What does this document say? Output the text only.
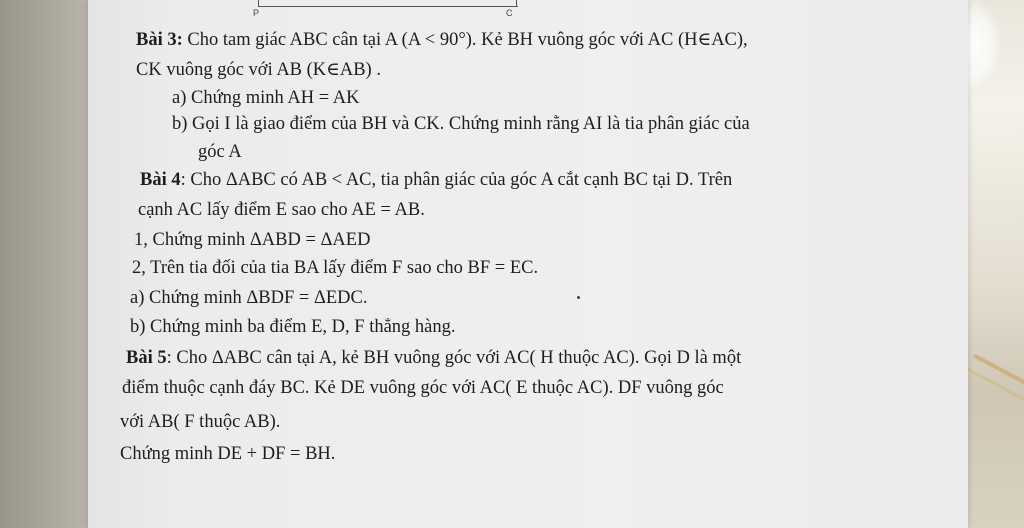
P	C
Bài 3: Cho tam giác ABC cân tại A (A < 90°). Kẻ BH vuông góc với AC (H∈AC),
CK vuông góc với AB (K∈AB) .
a) Chứng minh AH = AK
b) Gọi I là giao điểm của BH và CK. Chứng minh rằng AI là tia phân giác của
góc A
Bài 4: Cho ΔABC có AB < AC, tia phân giác của góc A cắt cạnh BC tại D. Trên
cạnh AC lấy điểm E sao cho AE = AB.
1, Chứng minh ΔABD = ΔAED
2, Trên tia đối của tia BA lấy điểm F sao cho BF = EC.
a) Chứng minh ΔBDF = ΔEDC.
b) Chứng minh ba điểm E, D, F thẳng hàng.
Bài 5: Cho ΔABC cân tại A, kẻ BH vuông góc với AC( H thuộc AC). Gọi D là một
điểm thuộc cạnh đáy BC. Kẻ DE vuông góc với AC( E thuộc AC). DF vuông góc
với AB( F thuộc AB).
Chứng minh DE + DF = BH.
